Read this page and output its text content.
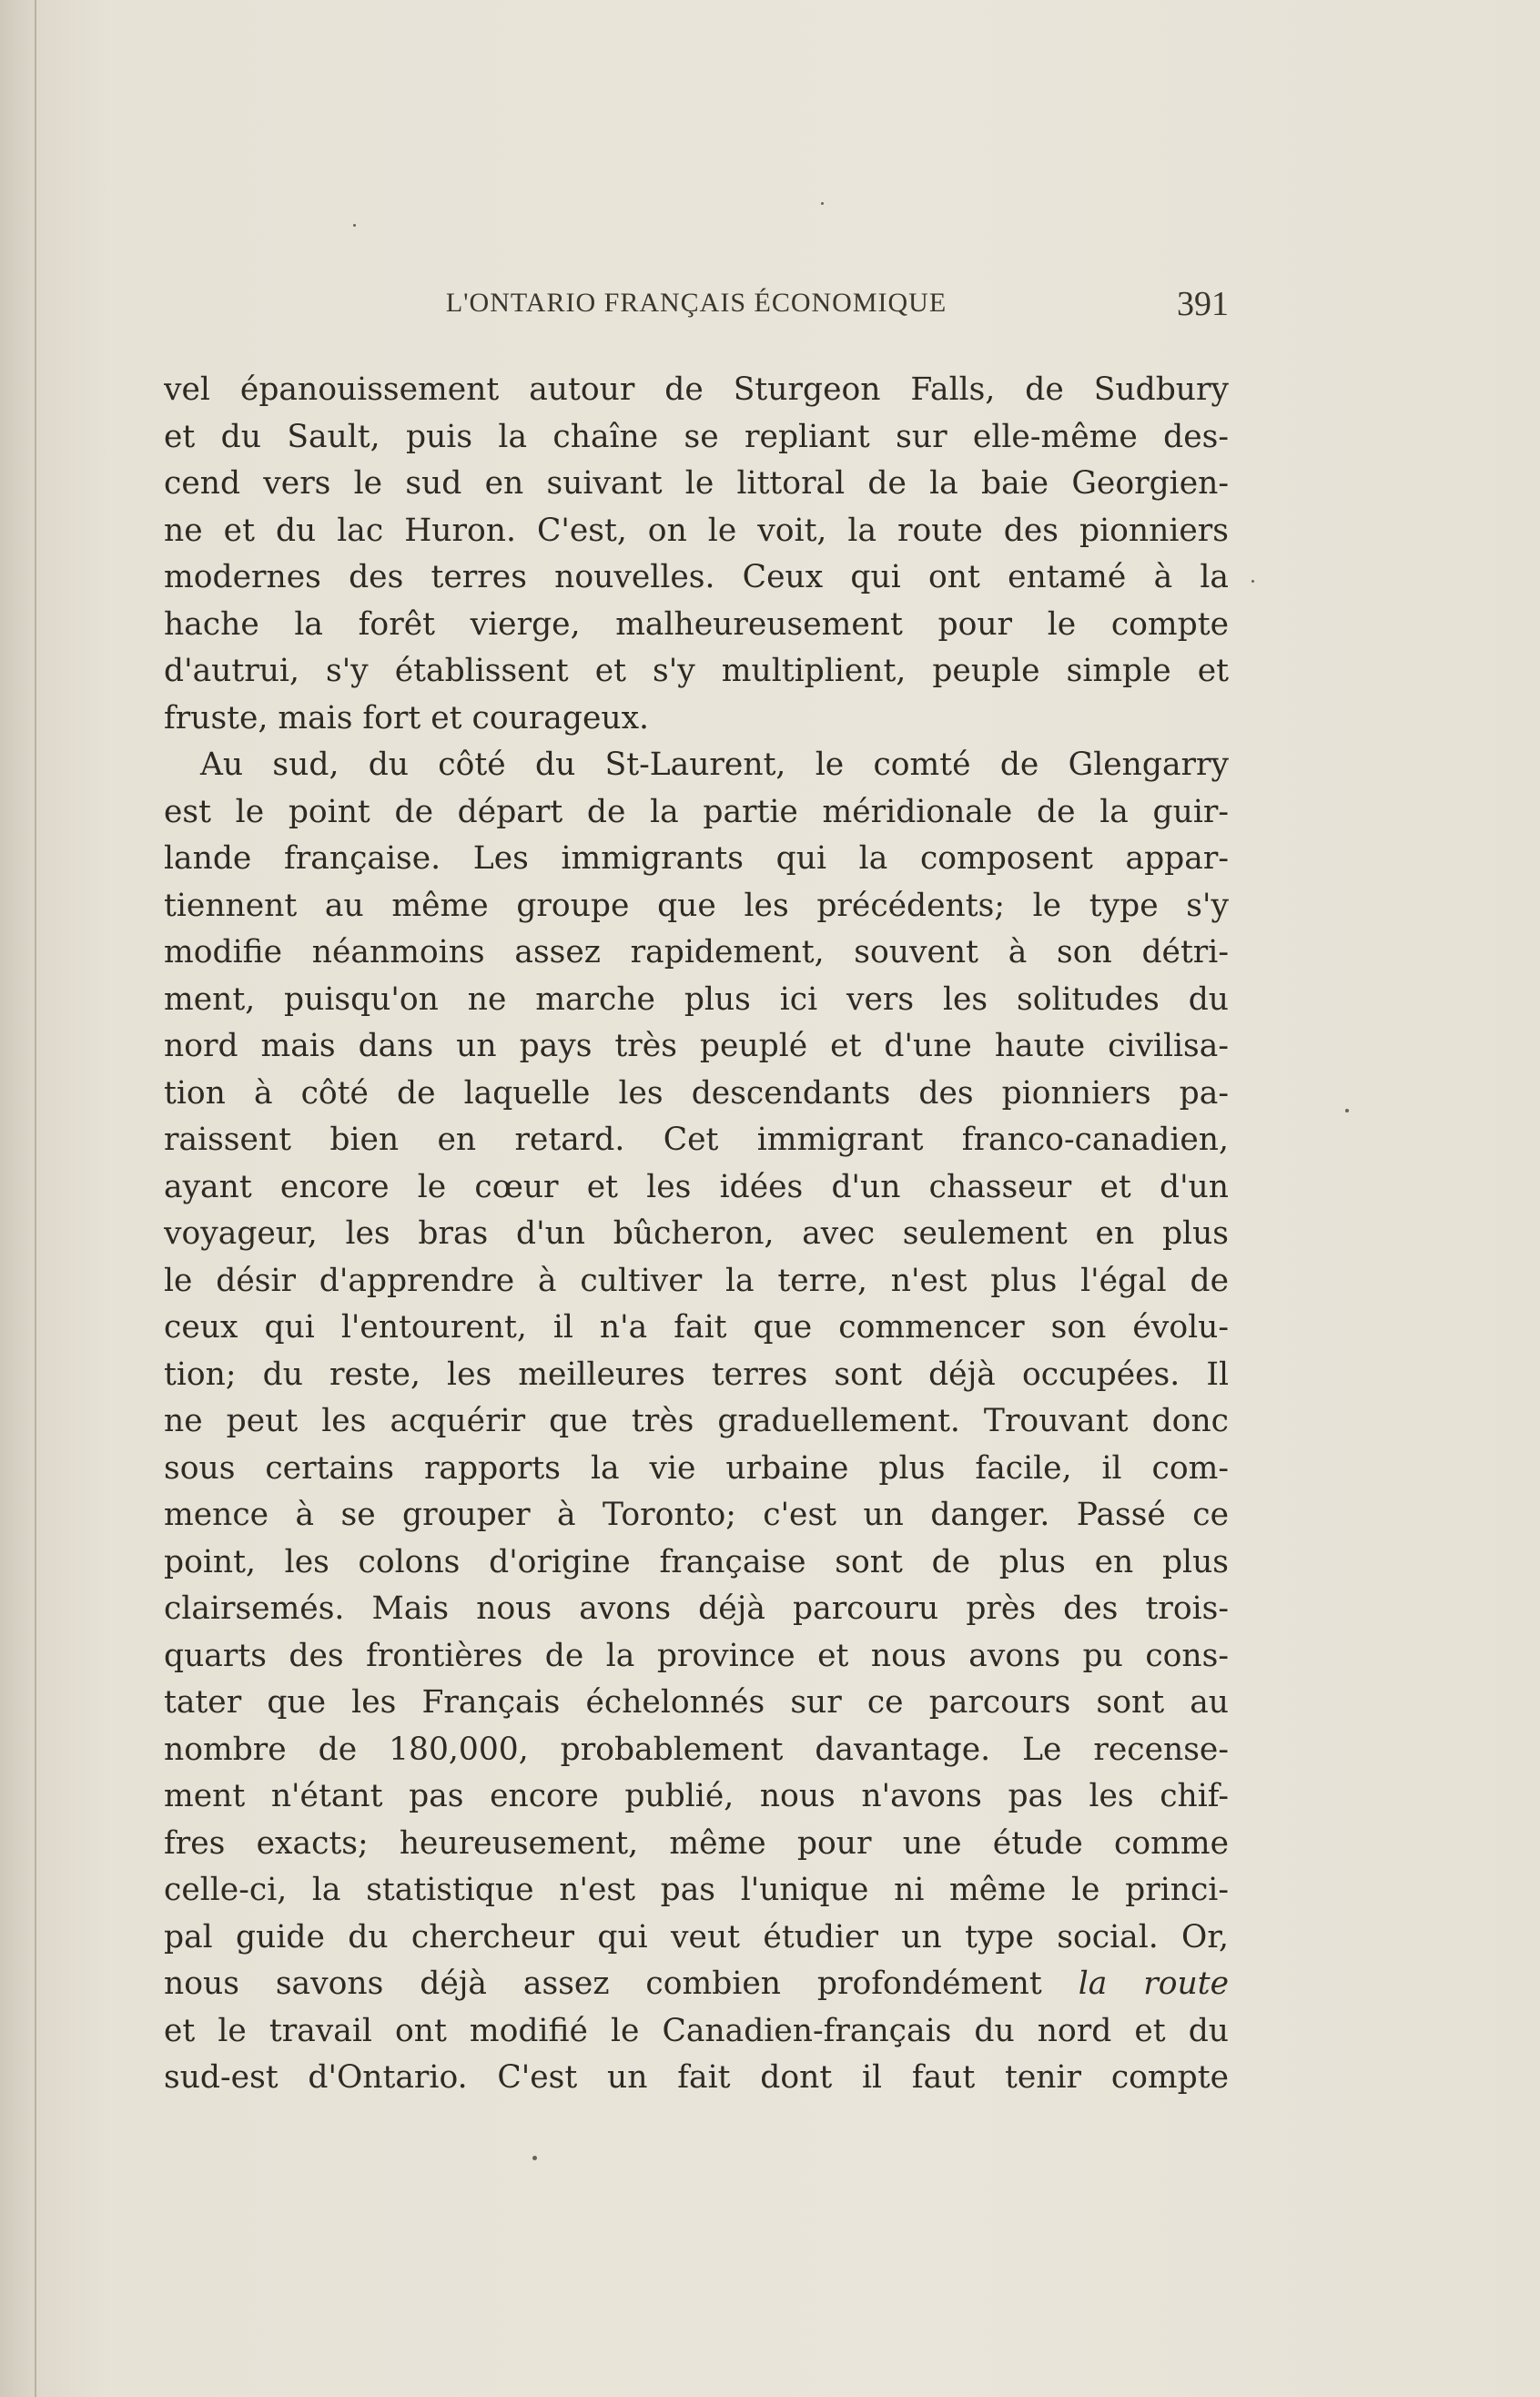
L'ONTARIO FRANÇAIS ÉCONOMIQUE	391
vel épanouissement autour de Sturgeon Falls, de Sudbury
et du Sault, puis la chaîne se repliant sur elle-même des-
cend vers le sud en suivant le littoral de la baie Georgien-
ne et du lac Huron. C'est, on le voit, la route des pionniers
modernes des terres nouvelles. Ceux qui ont entamé à la
hache la forêt vierge, malheureusement pour le compte
d'autrui, s'y établissent et s'y multiplient, peuple simple et
fruste, mais fort et courageux.
Au sud, du côté du St-Laurent, le comté de Glengarry
est le point de départ de la partie méridionale de la guir-
lande française. Les immigrants qui la composent appar-
tiennent au même groupe que les précédents; le type s'y
modifie néanmoins assez rapidement, souvent à son détri-
ment, puisqu'on ne marche plus ici vers les solitudes du
nord mais dans un pays très peuplé et d'une haute civilisa-
tion à côté de laquelle les descendants des pionniers pa-
raissent bien en retard. Cet immigrant franco-canadien,
ayant encore le cœur et les idées d'un chasseur et d'un
voyageur, les bras d'un bûcheron, avec seulement en plus
le désir d'apprendre à cultiver la terre, n'est plus l'égal de
ceux qui l'entourent, il n'a fait que commencer son évolu-
tion; du reste, les meilleures terres sont déjà occupées. Il
ne peut les acquérir que très graduellement. Trouvant donc
sous certains rapports la vie urbaine plus facile, il com-
mence à se grouper à Toronto; c'est un danger. Passé ce
point, les colons d'origine française sont de plus en plus
clairsemés. Mais nous avons déjà parcouru près des trois-
quarts des frontières de la province et nous avons pu cons-
tater que les Français échelonnés sur ce parcours sont au
nombre de 180,000, probablement davantage. Le recense-
ment n'étant pas encore publié, nous n'avons pas les chif-
fres exacts; heureusement, même pour une étude comme
celle-ci, la statistique n'est pas l'unique ni même le princi-
pal guide du chercheur qui veut étudier un type social. Or,
nous savons déjà assez combien profondément la route
et le travail ont modifié le Canadien-français du nord et du
sud-est d'Ontario. C'est un fait dont il faut tenir compte
